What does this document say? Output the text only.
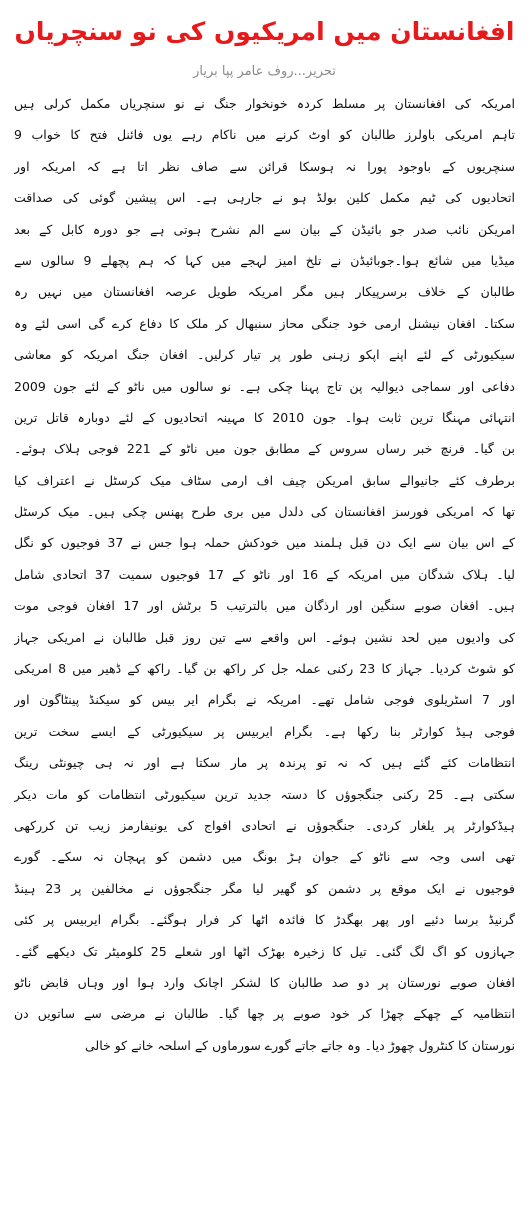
افغانستان میں امریکیوں کی نو سنچریاں
تحریر...روف عامر پپا بریار
امریکہ کی افغانستان پر مسلط کردہ خونخوار جنگ نے نو سنچریاں مکمل کرلی ہیں
تاہم امریکی باولرز طالبان کو اوٹ کرنے میں ناکام رہے یوں فائنل فتح کا خواب 9
سنچریوں کے باوجود پورا نہ ہوسکا قرائن سے صاف نظر اتا ہے کہ امریکہ اور
اتحادیوں کی ٹیم مکمل کلین بولڈ ہو نے جارہی ہے۔ اس پیشین گوئی کی صداقت
امریکن نائب صدر جو بائیڈن کے بیان سے الم نشرح ہوتی ہے جو دورہ کابل کے بعد
میڈیا میں شائع ہوا۔جوبائیڈن نے تلخ امیز لہجے میں کہا کہ ہم پچھلے 9 سالوں سے
طالبان کے خلاف برسرپیکار ہیں مگر امریکہ طویل عرصہ افغانستان میں نہیں رہ
سکتا۔ افغان نیشنل ارمی خود جنگی محاز سنبھال کر ملک کا دفاع کرے گی اسی لئے وہ
سیکیورٹی کے لئے اپنے اپکو زہنی طور پر تیار کرلیں۔ افغان جنگ امریکہ کو معاشی
دفاعی اور سماجی دیوالیہ پن تاج پہنا چکی ہے۔ نو سالوں میں ناٹو کے لئے جون 2009
انتہائی مہنگا ترین ثابت ہوا۔ جون 2010 کا مہینہ اتحادیوں کے لئے دوبارہ قاتل ترین
بن گیا۔ فرنچ خبر رساں سروس کے مطابق جون میں ناٹو کے 221 فوجی ہلاک ہوئے۔
برطرف کئے جانیوالے سابق امریکن چیف اف ارمی سٹاف میک کرسٹل نے اعتراف کیا
تھا کہ امریکی فورسز افغانستان کی دلدل میں بری طرح پھنس چکی ہیں۔ میک کرسٹل
کے اس بیان سے ایک دن قبل ہلمند میں خودکش حملہ ہوا جس نے 37 فوجیوں کو نگل
لیا۔ ہلاک شدگان میں امریکہ کے 16 اور ناٹو کے 17 فوجیوں سمیت 37 اتحادی شامل
ہیں۔ افغان صوبے سنگین اور ارذگان میں بالترتیب 5 برٹش اور 17 افغان فوجی موت
کی وادیوں میں لحد نشین ہوئے۔ اس واقعے سے تین روز قبل طالبان نے امریکی جہاز
کو شوٹ کردیا۔ جہاز کا 23 رکنی عملہ جل کر راکھ بن گیا۔ راکھ کے ڈھیر میں 8 امریکی
اور 7 اسٹریلوی فوجی شامل تھے۔ امریکہ نے بگرام ایر بیس کو سیکنڈ پینٹاگون اور
فوجی ہیڈ کوارٹر بنا رکھا ہے۔ بگرام ایربیس پر سیکیورٹی کے ایسے سخت ترین
انتظامات کئے گئے ہیں کہ نہ تو پرندہ پر مار سکتا ہے اور نہ ہی چیونٹی رینگ
سکتی ہے۔ 25 رکنی جنگجوؤں کا دستہ جدید ترین سیکیورٹی انتظامات کو مات دیکر
ہیڈکوارٹر پر یلغار کردی۔ جنگجوؤں نے اتحادی افواج کی یونیفارمز زیب تن کررکھی
تھی اسی وجہ سے ناٹو کے جوان ہڑ بونگ میں دشمن کو پہچان نہ سکے۔ گورے
فوجیوں نے ایک موقع پر دشمن کو گھیر لیا مگر جنگجوؤں نے مخالفین پر 23 ہینڈ
گرنیڈ برسا دئیے اور پھر بھگدڑ کا فائدہ اٹھا کر فرار ہوگئے۔ بگرام ایربیس پر کئی
جہازوں کو اگ لگ گئی۔ تیل کا زخیرہ بھڑک اٹھا اور شعلے 25 کلومیٹر تک دیکھے گئے۔
افغان صوبے نورستان پر دو صد طالبان کا لشکر اچانک وارد ہوا اور وہاں قابض ناٹو
انتظامیہ کے چھکے چھڑا کر خود صوبے پر چھا گیا۔ طالبان نے مرضی سے ساتویں دن
نورستان کا کنٹرول چھوڑ دیا۔ وہ جاتے جاتے گورے سورماوں کے اسلحہ خانے کو خالی
